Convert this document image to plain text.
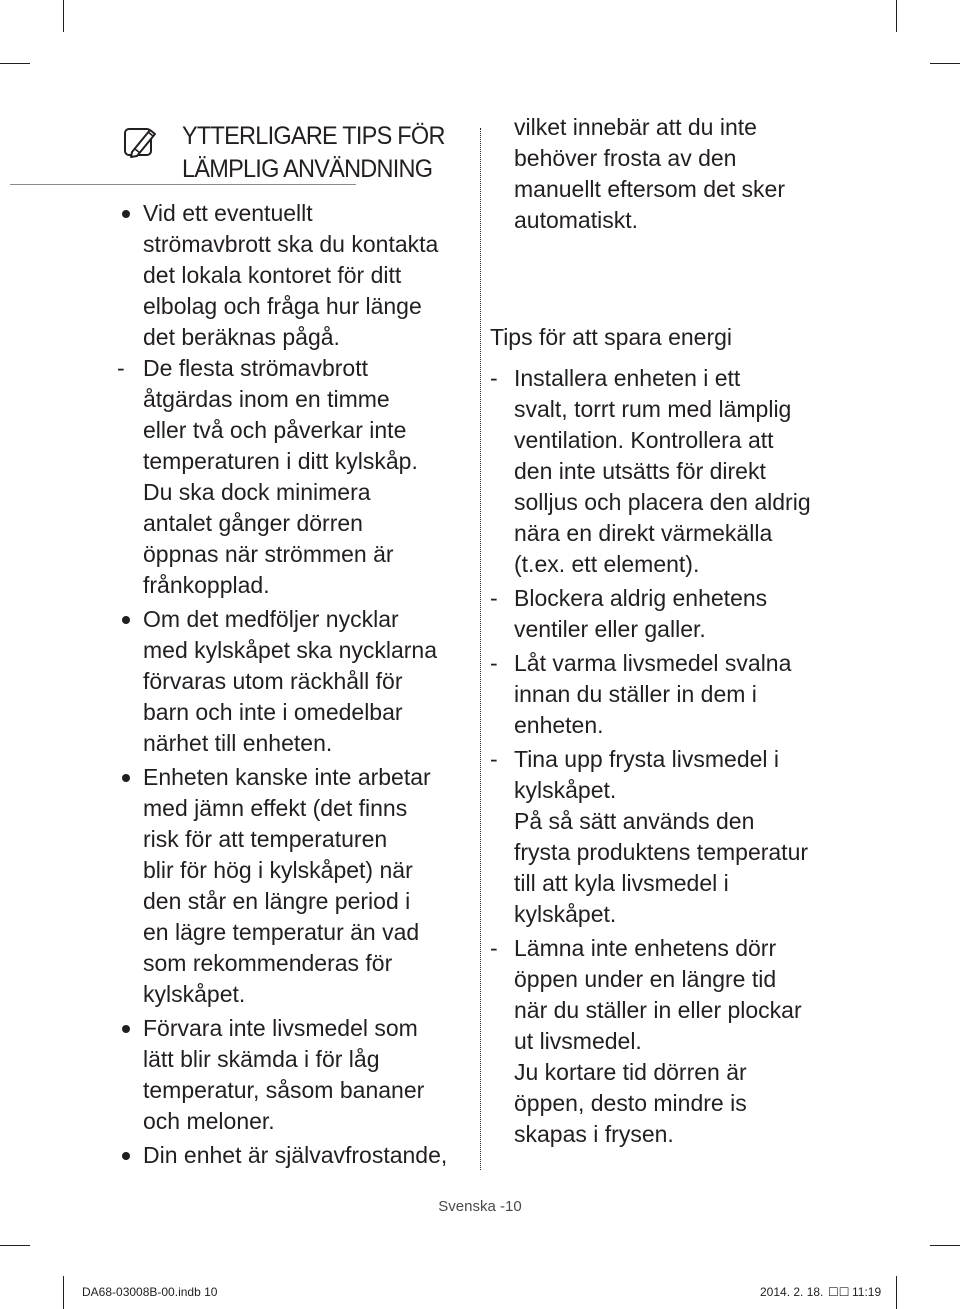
YTTERLIGARE TIPS FÖR
LÄMPLIG ANVÄNDNING
Vid ett eventuellt
strömavbrott ska du kontakta
det lokala kontoret för ditt
elbolag och fråga hur länge
det beräknas pågå.
- De flesta strömavbrott
åtgärdas inom en timme
eller två och påverkar inte
temperaturen i ditt kylskåp.
Du ska dock minimera
antalet gånger dörren
öppnas när strömmen är
frånkopplad.
Om det medföljer nycklar
med kylskåpet ska nycklarna
förvaras utom räckhåll för
barn och inte i omedelbar
närhet till enheten.
Enheten kanske inte arbetar
med jämn effekt (det finns
risk för att temperaturen
blir för hög i kylskåpet) när
den står en längre period i
en lägre temperatur än vad
som rekommenderas för
kylskåpet.
Förvara inte livsmedel som
lätt blir skämda i för låg
temperatur, såsom bananer
och meloner.
Din enhet är självavfrostande,
vilket innebär att du inte
behöver frosta av den
manuellt eftersom det sker
automatiskt.
Tips för att spara energi
- Installera enheten i ett
svalt, torrt rum med lämplig
ventilation. Kontrollera att
den inte utsätts för direkt
solljus och placera den aldrig
nära en direkt värmekälla
(t.ex. ett element).
- Blockera aldrig enhetens
ventiler eller galler.
- Låt varma livsmedel svalna
innan du ställer in dem i
enheten.
- Tina upp frysta livsmedel i
kylskåpet.
På så sätt används den
frysta produktens temperatur
till att kyla livsmedel i
kylskåpet.
- Lämna inte enhetens dörr
öppen under en längre tid
när du ställer in eller plockar
ut livsmedel.
Ju kortare tid dörren är
öppen, desto mindre is
skapas i frysen.
Svenska -10
DA68-03008B-00.indb 10	2014. 2. 18. ☐☐ 11:19
